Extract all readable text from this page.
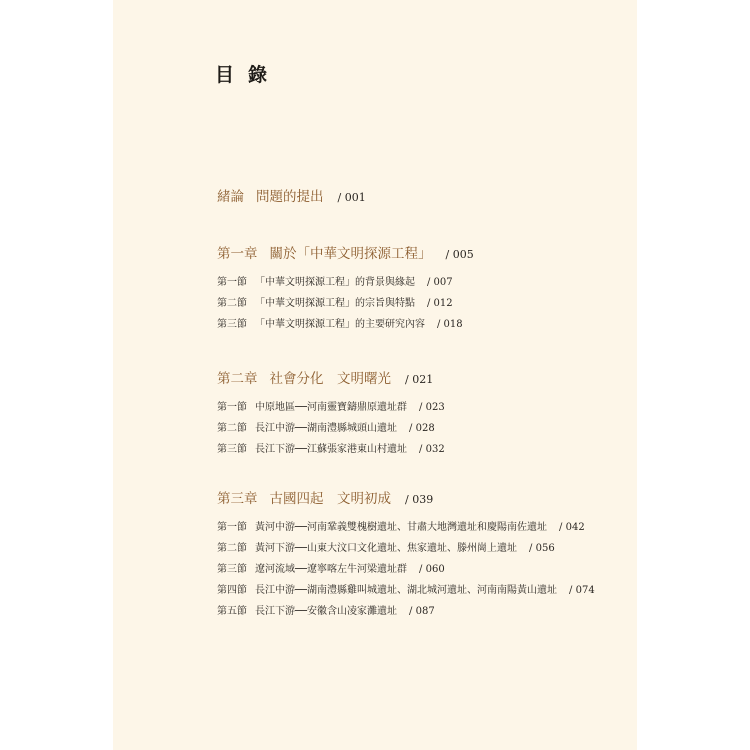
目錄
緒論 問題的提出 / 001
第一章 關於「中華文明探源工程」 / 005
第一節 「中華文明探源工程」的背景與緣起 / 007
第二節 「中華文明探源工程」的宗旨與特點 / 012
第三節 「中華文明探源工程」的主要研究內容 / 018
第二章 社會分化　文明曙光 / 021
第一節 中原地區──河南靈寶鑄鼎原遺址群 / 023
第二節 長江中游──湖南澧縣城頭山遺址 / 028
第三節 長江下游──江蘇張家港東山村遺址 / 032
第三章 古國四起　文明初成 / 039
第一節 黃河中游──河南鞏義雙槐樹遺址、甘肅大地灣遺址和慶陽南佐遺址 / 042
第二節 黃河下游──山東大汶口文化遺址、焦家遺址、滕州崗上遺址 / 056
第三節 遼河流域──遼寧喀左牛河梁遺址群 / 060
第四節 長江中游──湖南澧縣雞叫城遺址、湖北城河遺址、河南南陽黃山遺址 / 074
第五節 長江下游──安徽含山凌家灘遺址 / 087
